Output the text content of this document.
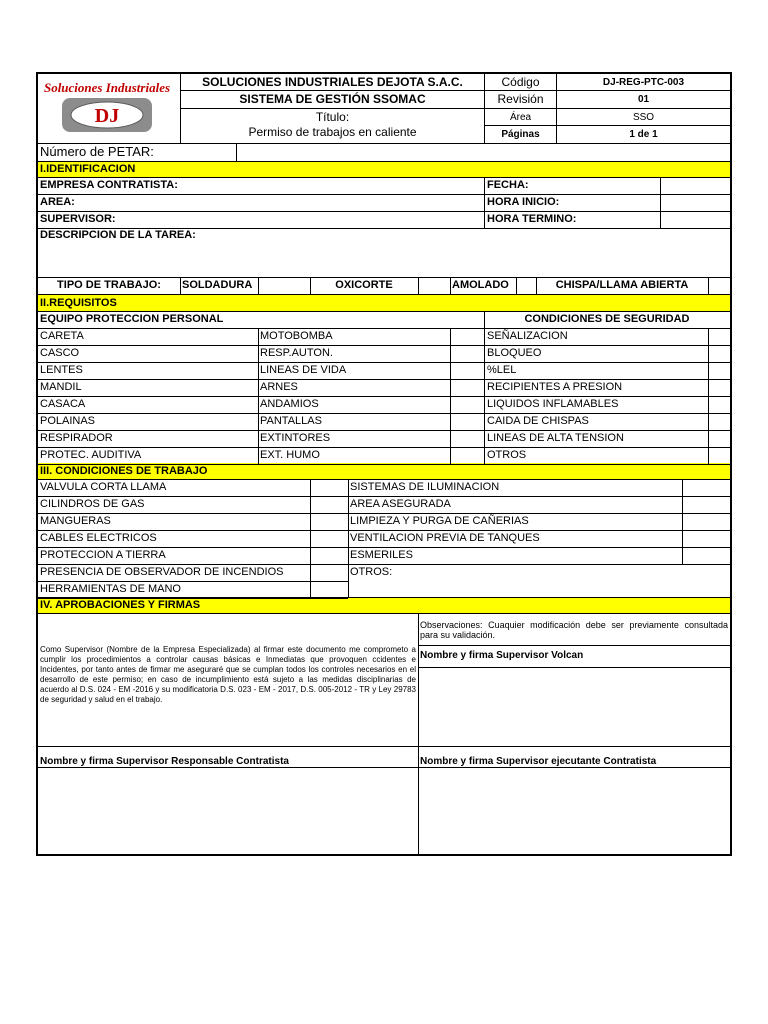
Soluciones Industriales
DJ
SOLUCIONES INDUSTRIALES DEJOTA S.A.C.
SISTEMA DE GESTIÓN SSOMAC
Título:
Permiso de trabajos en caliente
Código	DJ-REG-PTC-003
Revisión	01
Área	SSO
Páginas	1 de 1
Número de PETAR:
I.IDENTIFICACION
EMPRESA CONTRATISTA:	FECHA:
AREA:	HORA INICIO:
SUPERVISOR:	HORA TERMINO:
DESCRIPCION DE LA TAREA:
TIPO DE TRABAJO:	SOLDADURA	OXICORTE	AMOLADO	CHISPA/LLAMA ABIERTA
II.REQUISITOS
EQUIPO PROTECCION PERSONAL	CONDICIONES DE SEGURIDAD
III. CONDICIONES DE TRABAJO
IV. APROBACIONES Y FIRMAS
Como Supervisor (Nombre de la Empresa Especializada) al firmar este documento me comprometo a cumplir los procedimientos a controlar causas básicas e Inmediatas que provoquen ccidentes e Incidentes, por tanto antes de firmar me aseguraré que se cumplan todos los controles necesarios en el desarrollo de este permiso; en caso de incumplimiento está sujeto a las medidas disciplinarias de acuerdo al D.S. 024 - EM -2016 y su modificatoria D.S. 023 - EM - 2017, D.S. 005-2012 - TR y Ley 29783 de seguridad y salud en el trabajo.
Observaciones: Cuaquier modificación debe ser previamente consultada para su validación.
Nombre y firma Supervisor Volcan
Nombre y firma Supervisor Responsable Contratista	Nombre y firma Supervisor ejecutante Contratista
CARETA	MOTOBOMBA	SEÑALIZACION
CASCO	RESP.AUTON.	BLOQUEO
LENTES	LINEAS DE VIDA	%LEL
MANDIL	ARNES	RECIPIENTES A PRESION
CASACA	ANDAMIOS	LIQUIDOS INFLAMABLES
POLAINAS	PANTALLAS	CAIDA DE CHISPAS
RESPIRADOR	EXTINTORES	LINEAS DE ALTA TENSION
PROTEC. AUDITIVA	EXT. HUMO	OTROS
VALVULA CORTA LLAMA	SISTEMAS DE ILUMINACION
CILINDROS DE GAS	AREA ASEGURADA
MANGUERAS	LIMPIEZA Y PURGA DE CAÑERIAS
CABLES ELECTRICOS	VENTILACION PREVIA DE TANQUES
PROTECCION A TIERRA	ESMERILES
PRESENCIA DE OBSERVADOR DE INCENDIOS	OTROS:
HERRAMIENTAS DE MANO
